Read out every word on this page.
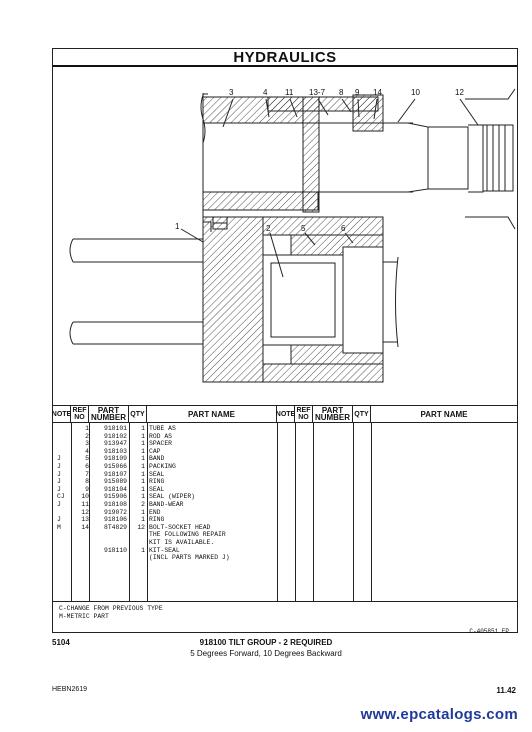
HYDRAULICS
3	4 11 13-7 8 9 14	10	12
1	2	5	6
NOTE REF NO
PART NUMBER QTY	PART NAME	NOTE REF NO
PART NUMBER QTY	PART NAME
1	918101	1 TUBE AS
2	918102	1 ROD AS
3	913947	1 SPACER
4	918103	1 CAP
J	5	918109	1 BAND
J	6	915066	1 PACKING
J	7	918107	1 SEAL
J	8	915089	1 RING
J	9	918104	1 SEAL
CJ	10	915906	1 SEAL (WIPER)
J	11	918108	2 BAND-WEAR
12	919072	1 END
J	13	918106	1 RING
M	14	8T4829	12 BOLT-SOCKET HEAD
THE FOLLOWING REPAIR
KIT IS AVAILABLE.
918110	1 KIT-SEAL
(INCL PARTS MARKED J)
C-CHANGE FROM PREVIOUS TYPE
M-METRIC PART
C-405851 EP
5104	918100 TILT GROUP - 2 REQUIRED
5 Degrees Forward, 10 Degrees Backward
HEBN2619	11.42
www.epcatalogs.com
